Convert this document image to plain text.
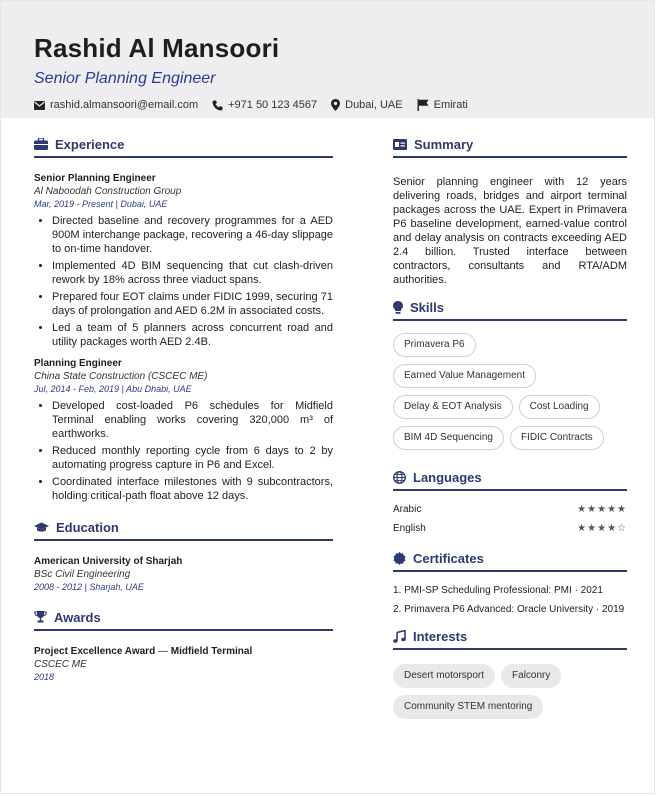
Rashid Al Mansoori
Senior Planning Engineer
rashid.almansoori@email.com	+971 50 123 4567	Dubai, UAE	Emirati
Experience
Senior Planning Engineer
Al Naboodah Construction Group
Mar, 2019 - Present | Dubai, UAE
• Directed baseline and recovery programmes for a AED 900M interchange package, recovering a 46-day slippage to on-time handover.
• Implemented 4D BIM sequencing that cut clash-driven rework by 18% across three viaduct spans.
• Prepared four EOT claims under FIDIC 1999, securing 71 days of prolongation and AED 6.2M in associated costs.
• Led a team of 5 planners across concurrent road and utility packages worth AED 2.4B.
Planning Engineer
China State Construction (CSCEC ME)
Jul, 2014 - Feb, 2019 | Abu Dhabi, UAE
• Developed cost-loaded P6 schedules for Midfield Terminal enabling works covering 320,000 m³ of earthworks.
• Reduced monthly reporting cycle from 6 days to 2 by automating progress capture in P6 and Excel.
• Coordinated interface milestones with 9 subcontractors, holding critical-path float above 12 days.
Education
American University of Sharjah
BSc Civil Engineering
2008 - 2012 | Sharjah, UAE
Awards
Project Excellence Award — Midfield Terminal
CSCEC ME
2018
Summary
Senior planning engineer with 12 years delivering roads, bridges and airport terminal packages across the UAE. Expert in Primavera P6 baseline development, earned-value control and delay analysis on contracts exceeding AED 2.4 billion. Trusted interface between contractors, consultants and RTA/ADM authorities.
Skills
Primavera P6
Earned Value Management
Delay & EOT Analysis	Cost Loading
BIM 4D Sequencing	FIDIC Contracts
Languages
Arabic	★★★★★
English	★★★★☆
Certificates
1. PMI-SP Scheduling Professional: PMI · 2021
2. Primavera P6 Advanced: Oracle University · 2019
Interests
Desert motorsport	Falconry
Community STEM mentoring
